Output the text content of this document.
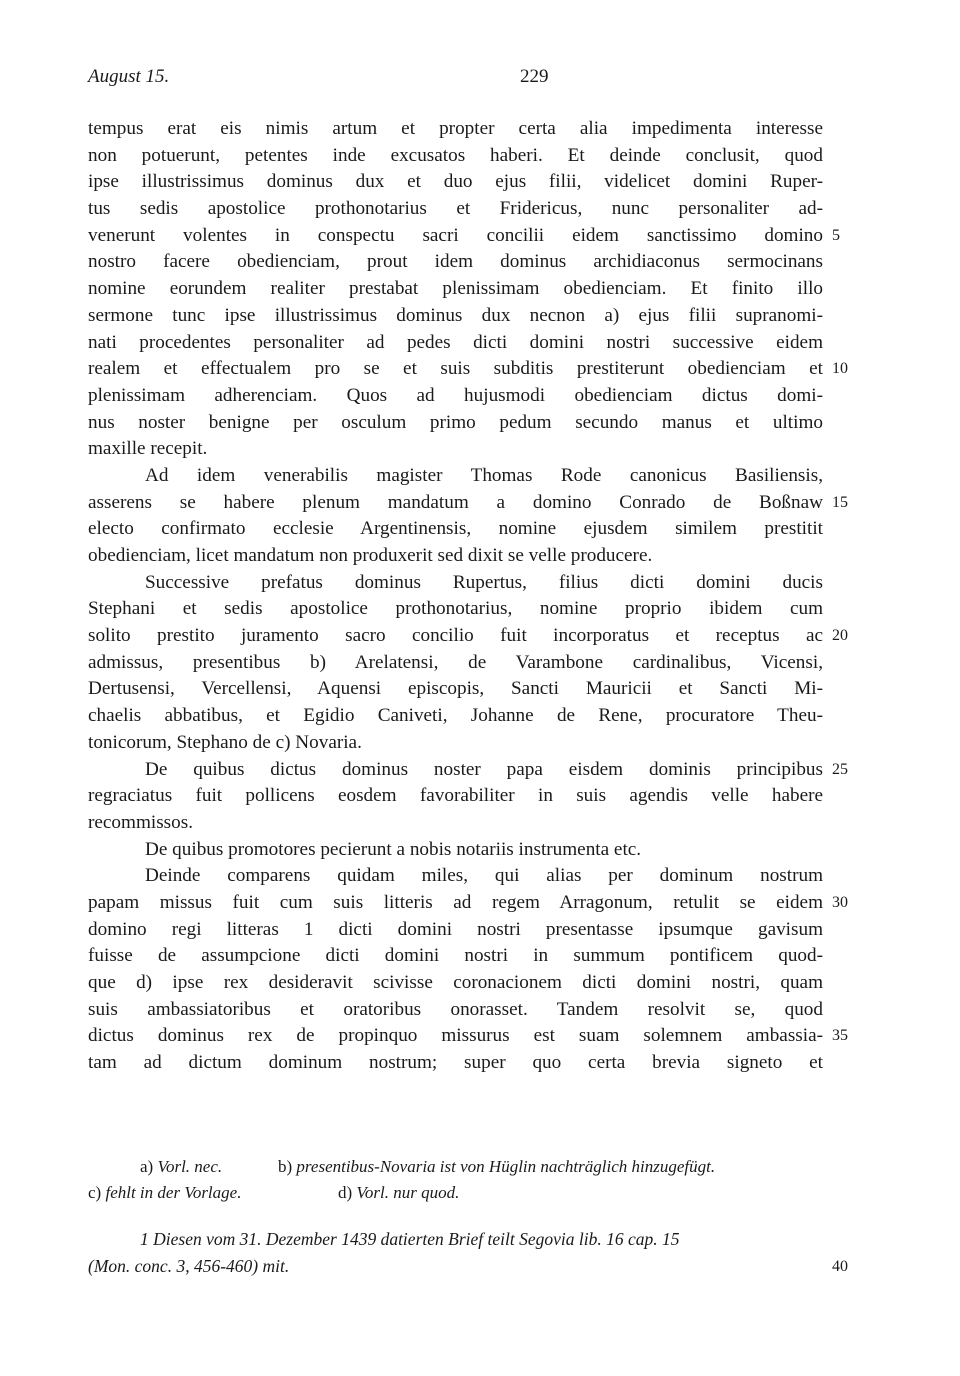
August 15.	229
tempus erat eis nimis artum et propter certa alia impedimenta interesse
non potuerunt, petentes inde excusatos haberi. Et deinde conclusit, quod
ipse illustrissimus dominus dux et duo ejus filii, videlicet domini Ruper-
tus sedis apostolice prothonotarius et Fridericus, nunc personaliter ad-
venerunt volentes in conspectu sacri concilii eidem sanctissimo domino 5
nostro facere obedienciam, prout idem dominus archidiaconus sermocinans
nomine eorundem realiter prestabat plenissimam obedienciam. Et finito illo
sermone tunc ipse illustrissimus dominus dux necnon a) ejus filii supranomi-
nati procedentes personaliter ad pedes dicti domini nostri successive eidem
realem et effectualem pro se et suis subditis prestiterunt obedienciam et 10
plenissimam adherenciam. Quos ad hujusmodi obedienciam dictus domi-
nus noster benigne per osculum primo pedum secundo manus et ultimo
maxille recepit.
Ad idem venerabilis magister Thomas Rode canonicus Basiliensis,
asserens se habere plenum mandatum a domino Conrado de Boßnaw 15
electo confirmato ecclesie Argentinensis, nomine ejusdem similem prestitit
obedienciam, licet mandatum non produxerit sed dixit se velle producere.
Successive prefatus dominus Rupertus, filius dicti domini ducis
Stephani et sedis apostolice prothonotarius, nomine proprio ibidem cum
solito prestito juramento sacro concilio fuit incorporatus et receptus ac 20
admissus, presentibus b) Arelatensi, de Varambone cardinalibus, Vicensi,
Dertusensi, Vercellensi, Aquensi episcopis, Sancti Mauricii et Sancti Mi-
chaelis abbatibus, et Egidio Caniveti, Johanne de Rene, procuratore Theu-
tonicorum, Stephano de c) Novaria.
De quibus dictus dominus noster papa eisdem dominis principibus 25
regraciatus fuit pollicens eosdem favorabiliter in suis agendis velle habere
recommissos.
De quibus promotores pecierunt a nobis notariis instrumenta etc.
Deinde comparens quidam miles, qui alias per dominum nostrum
papam missus fuit cum suis litteris ad regem Arragonum, retulit se eidem 30
domino regi litteras 1 dicti domini nostri presentasse ipsumque gavisum
fuisse de assumpcione dicti domini nostri in summum pontificem quod-
que d) ipse rex desideravit scivisse coronacionem dicti domini nostri, quam
suis ambassiatoribus et oratoribus onorasset. Tandem resolvit se, quod
dictus dominus rex de propinquo missurus est suam solemnem ambassia- 35
tam ad dictum dominum nostrum; super quo certa brevia signeto et
a) Vorl. nec.	b) presentibus-Novaria ist von Hüglin nachträglich hinzugefügt.
c) fehlt in der Vorlage.	d) Vorl. nur quod.
1 Diesen vom 31. Dezember 1439 datierten Brief teilt Segovia lib. 16 cap. 15
(Mon. conc. 3, 456-460) mit.	40
